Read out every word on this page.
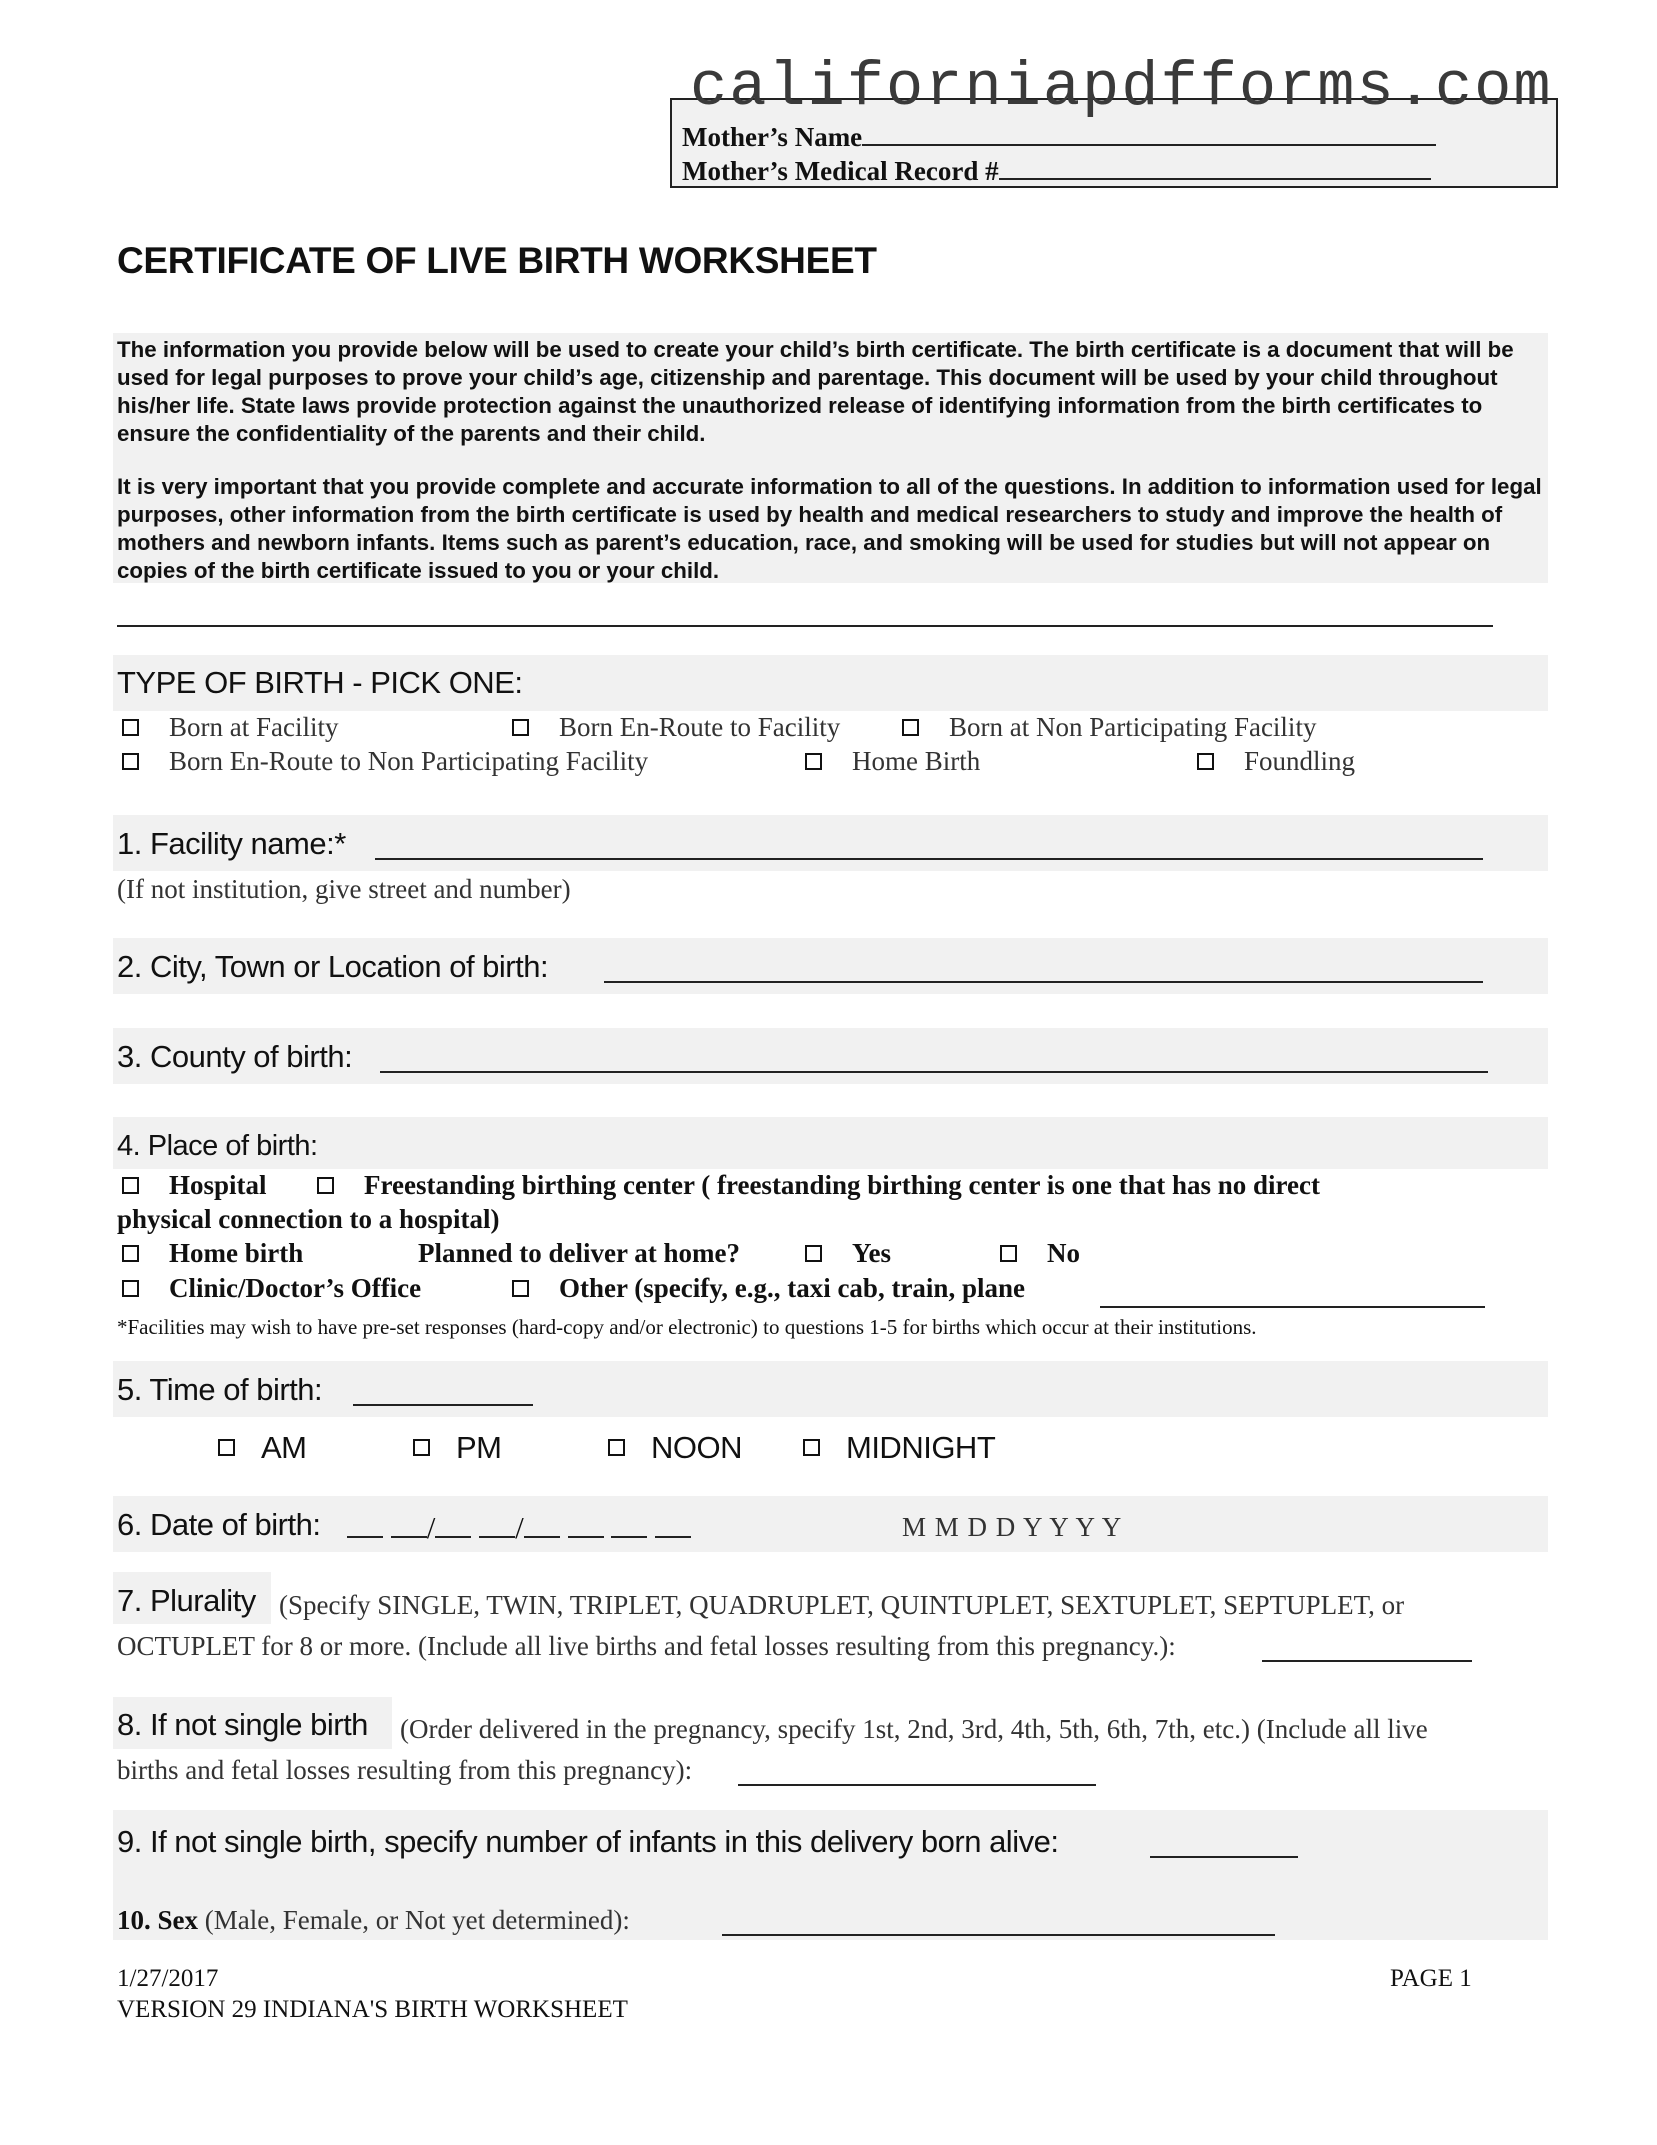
californiapdfforms.com
Mother’s Name
Mother’s Medical Record #
CERTIFICATE OF LIVE BIRTH WORKSHEET

The information you provide below will be used to create your child’s birth certificate. The birth certificate is a document that will be used for legal purposes to prove your child’s age, citizenship and parentage. This document will be used by your child throughout his/her life. State laws provide protection against the unauthorized release of identifying information from the birth certificates to ensure the confidentiality of the parents and their child.

It is very important that you provide complete and accurate information to all of the questions. In addition to information used for legal purposes, other information from the birth certificate is used by health and medical researchers to study and improve the health of mothers and newborn infants. Items such as parent’s education, race, and smoking will be used for studies but will not appear on copies of the birth certificate issued to you or your child.

TYPE OF BIRTH - PICK ONE:
Born at Facility	Born En-Route to Facility	Born at Non Participating Facility
Born En-Route to Non Participating Facility	Home Birth	Foundling
1. Facility name:*
(If not institution, give street and number)
2. City, Town or Location of birth:
3. County of birth:
4. Place of birth:
Hospital	Freestanding birthing center ( freestanding birthing center is one that has no direct
physical connection to a hospital)
Home birth	Planned to deliver at home?	Yes	No
Clinic/Doctor’s Office	Other (specify, e.g., taxi cab, train, plane
*Facilities may wish to have pre-set responses (hard-copy and/or electronic) to questions 1-5 for births which occur at their institutions.
5. Time of birth:
AM	PM	NOON	MIDNIGHT
6. Date of birth:	/	/	M M D D Y Y Y Y
7. Plurality (Specify SINGLE, TWIN, TRIPLET, QUADRUPLET, QUINTUPLET, SEXTUPLET, SEPTUPLET, or
OCTUPLET for 8 or more. (Include all live births and fetal losses resulting from this pregnancy.):
8. If not single birth (Order delivered in the pregnancy, specify 1st, 2nd, 3rd, 4th, 5th, 6th, 7th, etc.) (Include all live
births and fetal losses resulting from this pregnancy):
9. If not single birth, specify number of infants in this delivery born alive:
10. Sex (Male, Female, or Not yet determined):
1/27/2017
VERSION 29 INDIANA'S BIRTH WORKSHEET
PAGE 1
